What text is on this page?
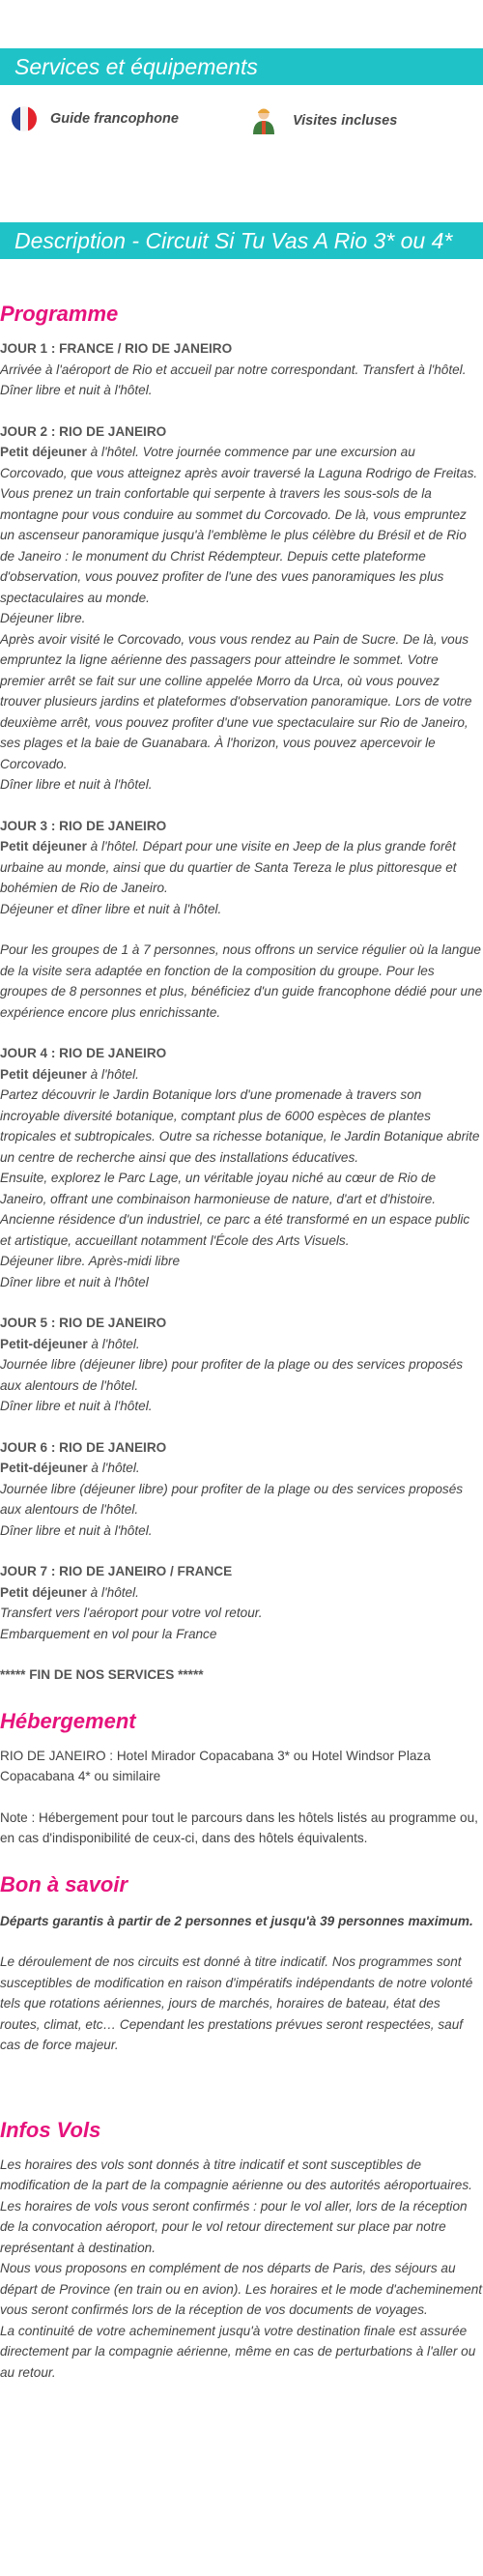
Services et équipements
Guide francophone	Visites incluses
Description - Circuit Si Tu Vas A Rio 3* ou 4*
Programme

JOUR 1 : FRANCE / RIO DE JANEIRO

Arrivée à l'aéroport de Rio et accueil par notre correspondant. Transfert à l'hôtel.

Dîner libre et nuit à l'hôtel.

JOUR 2 : RIO DE JANEIRO

Petit déjeuner à l'hôtel. Votre journée commence par une excursion au Corcovado, que vous atteignez après avoir traversé la Laguna Rodrigo de Freitas. Vous prenez un train confortable qui serpente à travers les sous-sols de la montagne pour vous conduire au sommet du Corcovado. De là, vous empruntez un ascenseur panoramique jusqu'à l'emblème le plus célèbre du Brésil et de Rio de Janeiro : le monument du Christ Rédempteur. Depuis cette plateforme d'observation, vous pouvez profiter de l'une des vues panoramiques les plus spectaculaires au monde.

Déjeuner libre.

Après avoir visité le Corcovado, vous vous rendez au Pain de Sucre. De là, vous empruntez la ligne aérienne des passagers pour atteindre le sommet. Votre premier arrêt se fait sur une colline appelée Morro da Urca, où vous pouvez trouver plusieurs jardins et plateformes d'observation panoramique. Lors de votre deuxième arrêt, vous pouvez profiter d'une vue spectaculaire sur Rio de Janeiro, ses plages et la baie de Guanabara. À l'horizon, vous pouvez apercevoir le Corcovado.

Dîner libre et nuit à l'hôtel.

JOUR 3 : RIO DE JANEIRO

Petit déjeuner à l'hôtel. Départ pour une visite en Jeep de la plus grande forêt urbaine au monde, ainsi que du quartier de Santa Tereza le plus pittoresque et bohémien de Rio de Janeiro.

Déjeuner et dîner libre et nuit à l'hôtel.

Pour les groupes de 1 à 7 personnes, nous offrons un service régulier où la langue de la visite sera adaptée en fonction de la composition du groupe. Pour les groupes de 8 personnes et plus, bénéficiez d'un guide francophone dédié pour une expérience encore plus enrichissante.

JOUR 4 : RIO DE JANEIRO

Petit déjeuner à l'hôtel.

Partez découvrir le Jardin Botanique lors d'une promenade à travers son incroyable diversité botanique, comptant plus de 6000 espèces de plantes tropicales et subtropicales. Outre sa richesse botanique, le Jardin Botanique abrite un centre de recherche ainsi que des installations éducatives.

Ensuite, explorez le Parc Lage, un véritable joyau niché au cœur de Rio de Janeiro, offrant une combinaison harmonieuse de nature, d'art et d'histoire. Ancienne résidence d'un industriel, ce parc a été transformé en un espace public et artistique, accueillant notamment l'École des Arts Visuels.

Déjeuner libre. Après-midi libre

Dîner libre et nuit à l'hôtel

JOUR 5 : RIO DE JANEIRO

Petit-déjeuner à l'hôtel.

Journée libre (déjeuner libre) pour profiter de la plage ou des services proposés aux alentours de l'hôtel.

Dîner libre et nuit à l'hôtel.

JOUR 6 : RIO DE JANEIRO

Petit-déjeuner à l'hôtel.

Journée libre (déjeuner libre) pour profiter de la plage ou des services proposés aux alentours de l'hôtel.

Dîner libre et nuit à l'hôtel.

JOUR 7 : RIO DE JANEIRO / FRANCE

Petit déjeuner à l'hôtel.

Transfert vers l'aéroport pour votre vol retour.

Embarquement en vol pour la France

***** FIN DE NOS SERVICES *****

Hébergement

RIO DE JANEIRO : Hotel Mirador Copacabana 3* ou Hotel Windsor Plaza Copacabana 4* ou similaire

Note : Hébergement pour tout le parcours dans les hôtels listés au programme ou, en cas d'indisponibilité de ceux-ci, dans des hôtels équivalents.

Bon à savoir

Départs garantis à partir de 2 personnes et jusqu'à 39 personnes maximum.

Le déroulement de nos circuits est donné à titre indicatif. Nos programmes sont susceptibles de modification en raison d'impératifs indépendants de notre volonté tels que rotations aériennes, jours de marchés, horaires de bateau, état des routes, climat, etc… Cependant les prestations prévues seront respectées, sauf cas de force majeur.

Infos Vols

Les horaires des vols sont donnés à titre indicatif et sont susceptibles de modification de la part de la compagnie aérienne ou des autorités aéroportuaires.

Les horaires de vols vous seront confirmés : pour le vol aller, lors de la réception de la convocation aéroport, pour le vol retour directement sur place par notre représentant à destination.

Nous vous proposons en complément de nos départs de Paris, des séjours au départ de Province (en train ou en avion). Les horaires et le mode d'acheminement vous seront confirmés lors de la réception de vos documents de voyages.

La continuité de votre acheminement jusqu'à votre destination finale est assurée directement par la compagnie aérienne, même en cas de perturbations à l'aller ou au retour.
